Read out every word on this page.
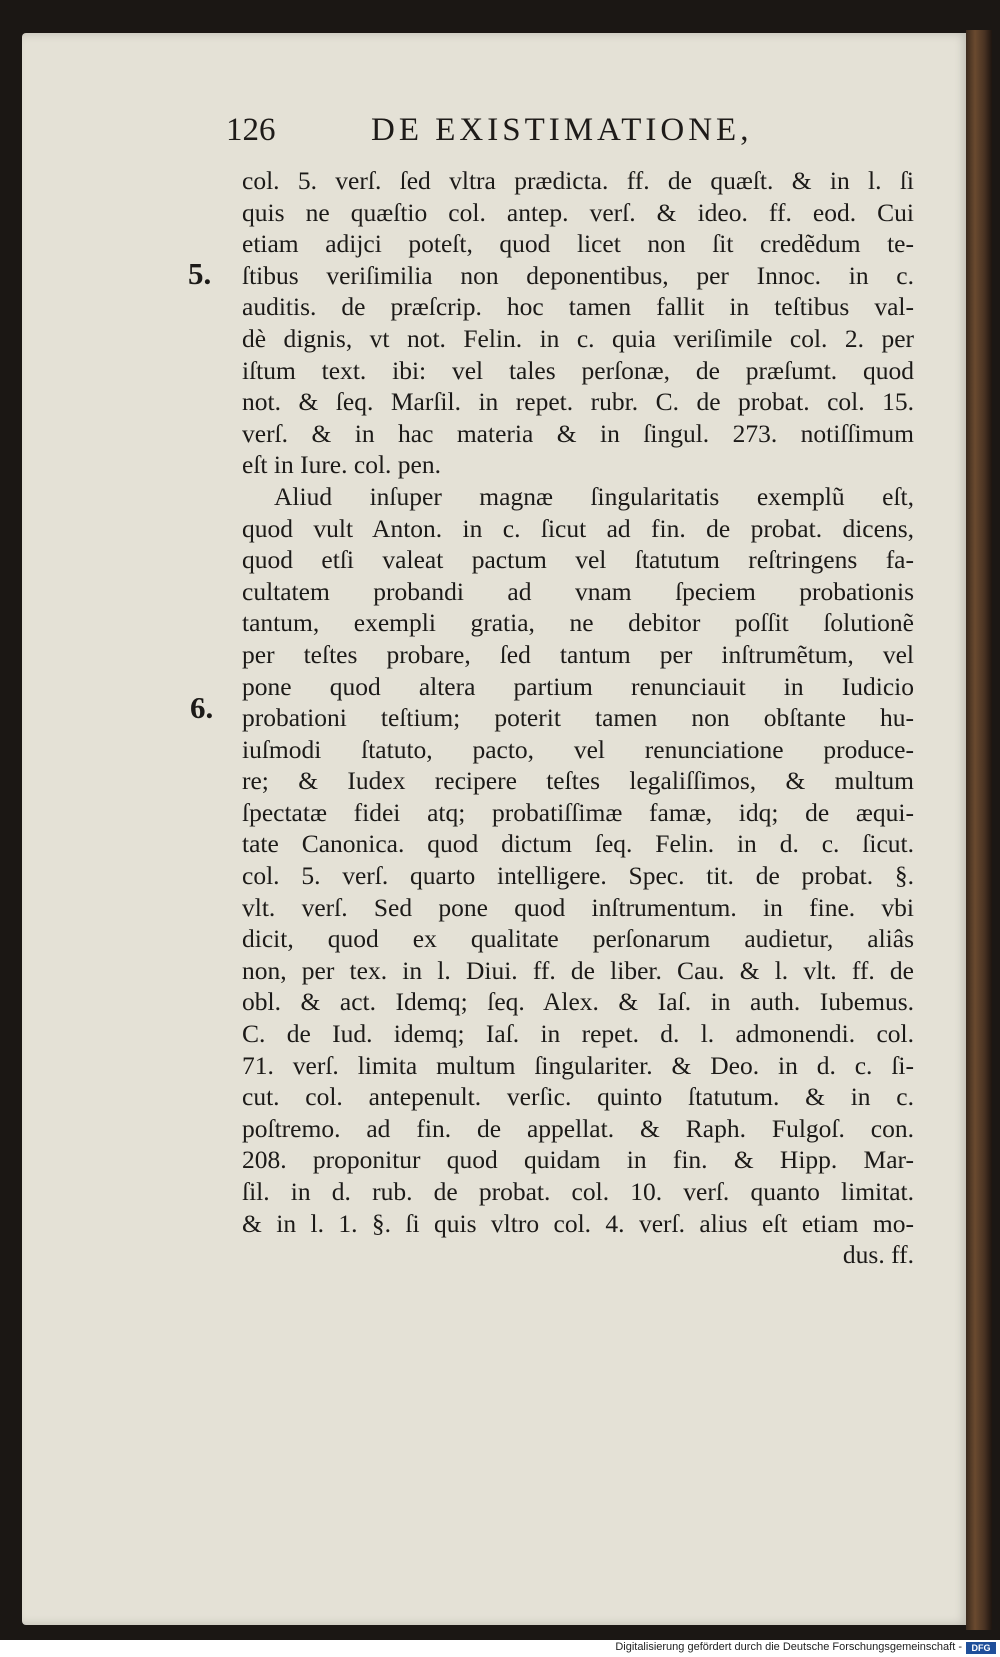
126	DE EXISTIMATIONE,
5.
6.
col. 5. verſ. ſed vltra prædicta. ff. de quæſt. & in l. ſi
quis ne quæſtio col. antep. verſ. & ideo. ff. eod. Cui
etiam adijci poteſt, quod licet non ſit credẽdum te-
ſtibus veriſimilia non deponentibus, per Innoc. in c.
auditis. de præſcrip. hoc tamen fallit in teſtibus val-
dè dignis, vt not. Felin. in c. quia veriſimile col. 2. per
iſtum text. ibi: vel tales perſonæ, de præſumt. quod
not. & ſeq. Marſil. in repet. rubr. C. de probat. col. 15.
verſ. & in hac materia & in ſingul. 273. notiſſimum
eſt in Iure. col. pen.
Aliud inſuper magnæ ſingularitatis exemplũ eſt,
quod vult Anton. in c. ſicut ad fin. de probat. dicens,
quod etſi valeat pactum vel ſtatutum reſtringens fa-
cultatem probandi ad vnam ſpeciem probationis
tantum, exempli gratia, ne debitor poſſit ſolutionẽ
per teſtes probare, ſed tantum per inſtrumẽtum, vel
pone quod altera partium renunciauit in Iudicio
probationi teſtium; poterit tamen non obſtante hu-
iuſmodi ſtatuto, pacto, vel renunciatione produce-
re; & Iudex recipere teſtes legaliſſimos, & multum
ſpectatæ fidei atq; probatiſſimæ famæ, idq; de æqui-
tate Canonica. quod dictum ſeq. Felin. in d. c. ſicut.
col. 5. verſ. quarto intelligere. Spec. tit. de probat. §.
vlt. verſ. Sed pone quod inſtrumentum. in fine. vbi
dicit, quod ex qualitate perſonarum audietur, aliâs
non, per tex. in l. Diui. ff. de liber. Cau. & l. vlt. ff. de
obl. & act. Idemq; ſeq. Alex. & Iaſ. in auth. Iubemus.
C. de Iud. idemq; Iaſ. in repet. d. l. admonendi. col.
71. verſ. limita multum ſingulariter. & Deo. in d. c. ſi-
cut. col. antepenult. verſic. quinto ſtatutum. & in c.
poſtremo. ad fin. de appellat. & Raph. Fulgoſ. con.
208. proponitur quod quidam in fin. & Hipp. Mar-
ſil. in d. rub. de probat. col. 10. verſ. quanto limitat.
& in l. 1. §. ſi quis vltro col. 4. verſ. alius eſt etiam mo-
dus. ff.
Digitalisierung gefördert durch die Deutsche Forschungsgemeinschaft -	DFG
